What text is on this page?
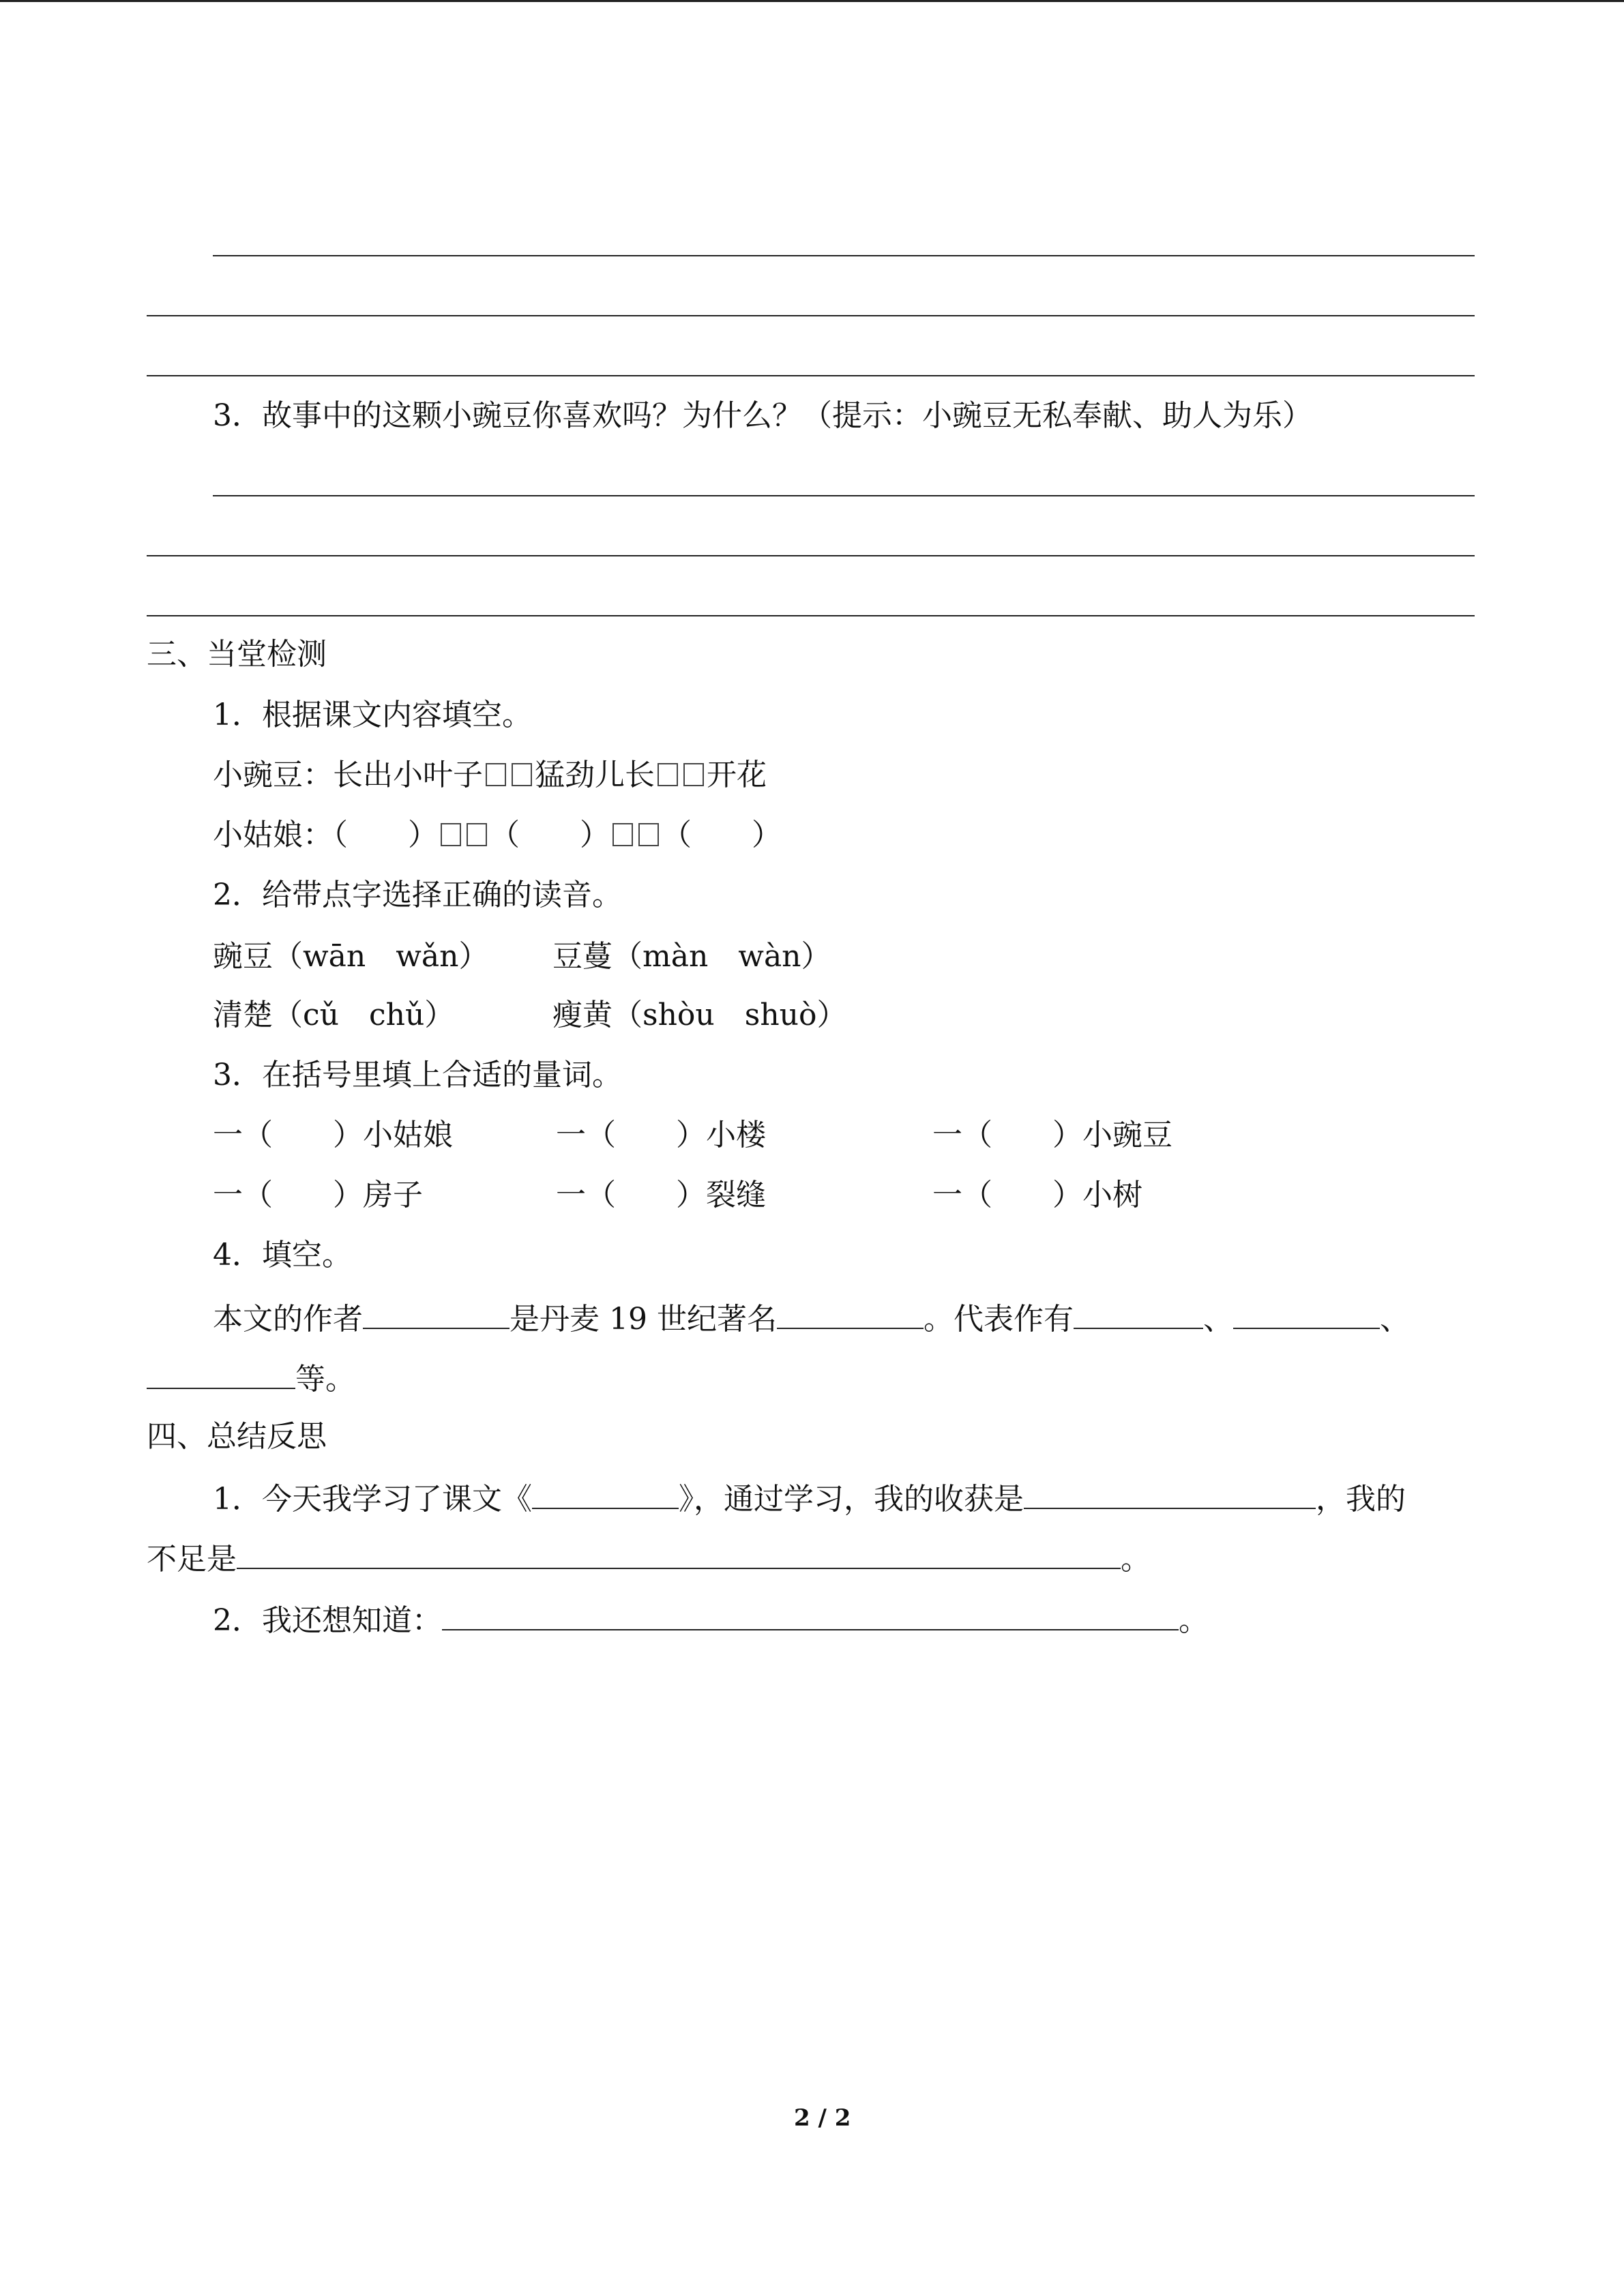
3．故事中的这颗小豌豆你喜欢吗？为什么？（提示：小豌豆无私奉献、助人为乐）
三、当堂检测
1．根据课文内容填空。
小豌豆：长出小叶子 猛劲儿长 开花
小姑娘：（　　） （　　） （　　）
2．给带点字选择正确的读音。
豌豆（wān　wǎn） 豆蔓（màn　wàn）
清楚（cǔ　chǔ）	瘦黄（shòu　shuò）
3．在括号里填上合适的量词。
一（　　）小姑娘	一（　　）小楼	一（　　）小豌豆
一（　　）房子	一（　　）裂缝	一（　　）小树
4．填空。
本文的作者	是丹麦 19 世纪著名	。代表作有	、	、
等。
四、总结反思
1．今天我学习了课文《	》，通过学习，我的收获是	，我的
不足是	。
2．我还想知道：	。
2 / 2
